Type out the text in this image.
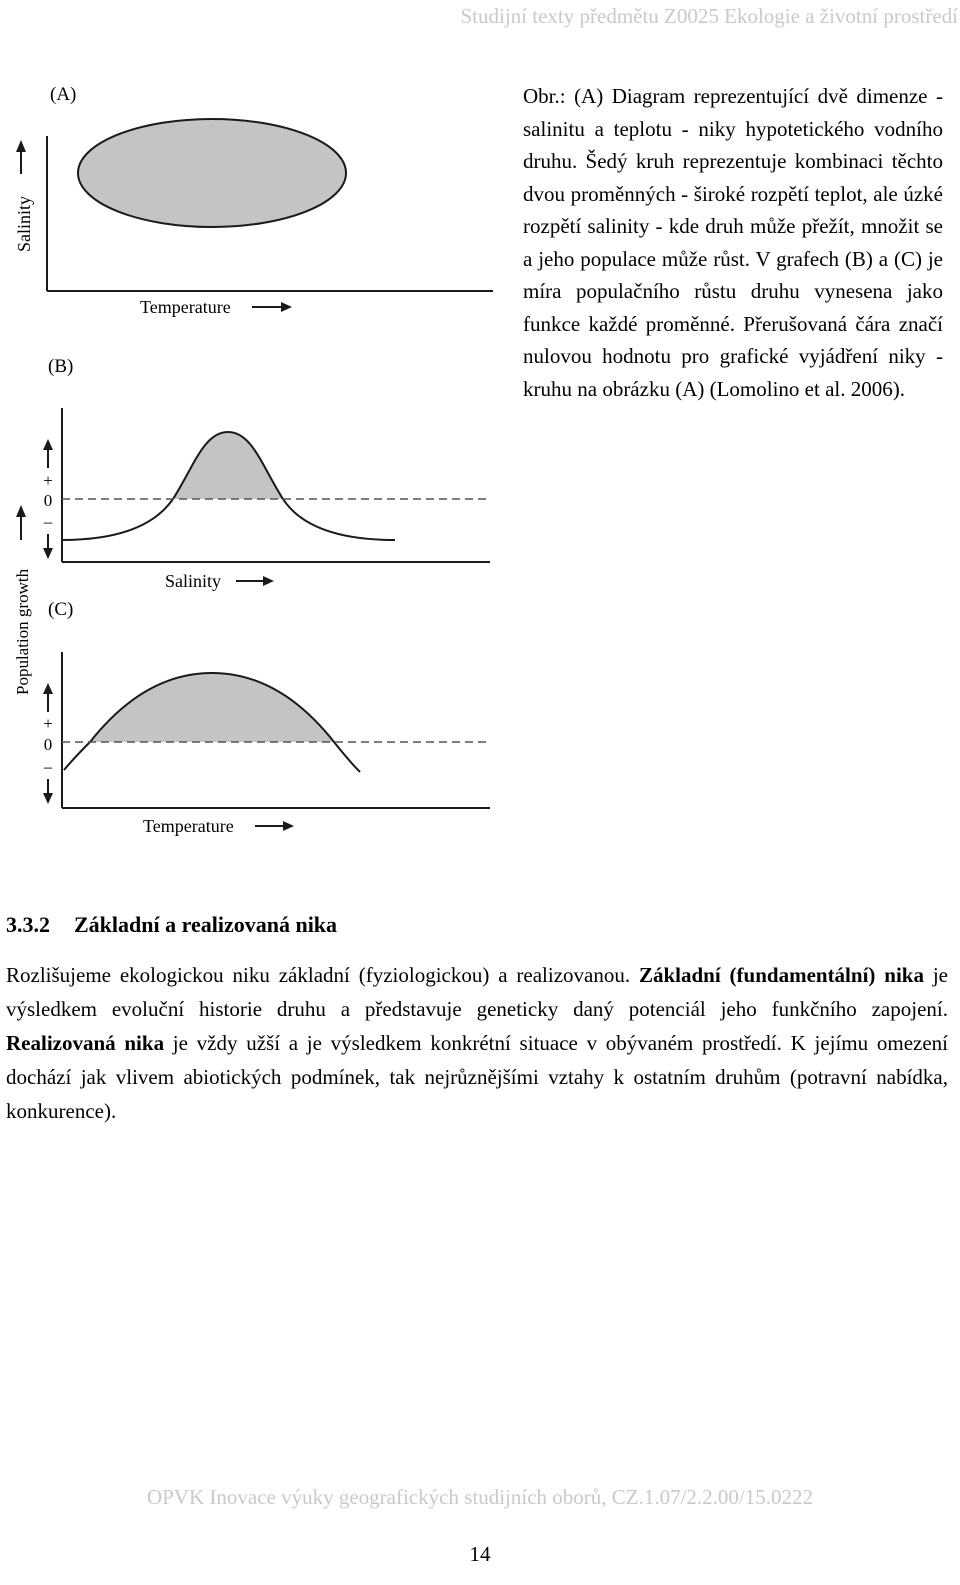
Studijní texty předmětu Z0025 Ekologie a životní prostředí
(A)
Salinity
Temperature
Population growth
(B)
+
0
–
Salinity
(C)
+
0
–
Temperature
Obr.: (A) Diagram reprezentující dvě dimenze - salinitu a teplotu - niky hypotetického vodního druhu. Šedý kruh reprezentuje kombinaci těchto dvou proměnných - široké rozpětí teplot, ale úzké rozpětí salinity - kde druh může přežít, množit se a jeho populace může růst. V grafech (B) a (C) je míra populačního růstu druhu vynesena jako funkce každé proměnné. Přerušovaná čára značí nulovou hodnotu pro grafické vyjádření niky - kruhu na obrázku (A) (Lomolino et al. 2006).
3.3.2 Základní a realizovaná nika
Rozlišujeme ekologickou niku základní (fyziologickou) a realizovanou. Základní (fundamentální) nika je výsledkem evoluční historie druhu a představuje geneticky daný potenciál jeho funkčního zapojení. Realizovaná nika je vždy užší a je výsledkem konkrétní situace v obývaném prostředí. K jejímu omezení dochází jak vlivem abiotických podmínek, tak nejrůznějšími vztahy k ostatním druhům (potravní nabídka, konkurence).
OPVK Inovace výuky geografických studijních oborů, CZ.1.07/2.2.00/15.0222
14
